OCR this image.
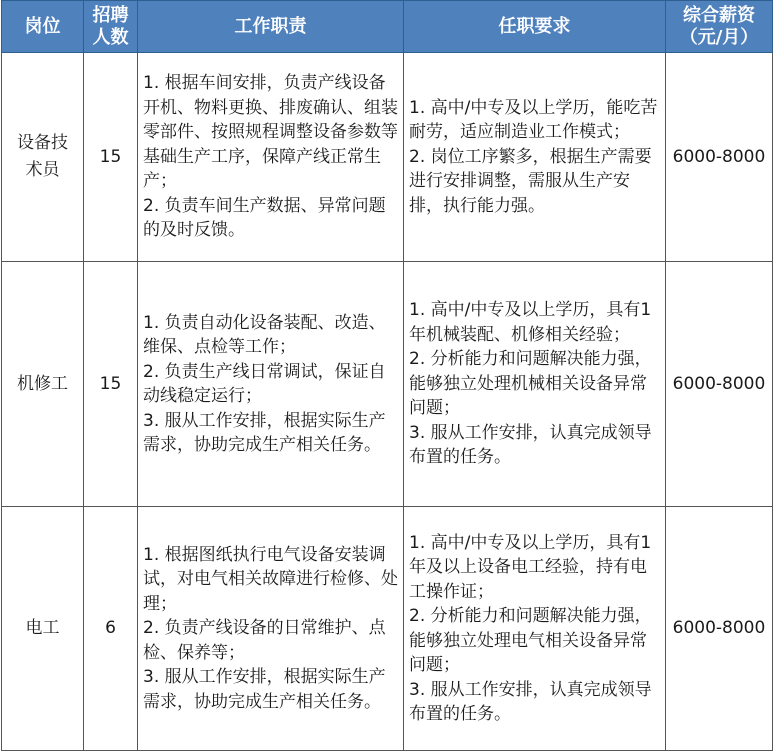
岗位	招聘
人数	工作职责	任职要求	综合薪资
（元/月）

设备技
术员	15	1. 根据车间安排，负责产线设备开机、物料更换、排废确认、组装零部件、按照规程调整设备参数等基础生产工序，保障产线正常生产；
2. 负责车间生产数据、异常问题的及时反馈。	1. 高中/中专及以上学历，能吃苦耐劳，适应制造业工作模式；
2. 岗位工序繁多，根据生产需要进行安排调整，需服从生产安排，执行能力强。	6000-8000

机修工	15	1. 负责自动化设备装配、改造、维保、点检等工作；
2. 负责生产线日常调试，保证自动线稳定运行；
3. 服从工作安排，根据实际生产需求，协助完成生产相关任务。	1. 高中/中专及以上学历，具有1年机械装配、机修相关经验；
2. 分析能力和问题解决能力强，能够独立处理机械相关设备异常问题；
3. 服从工作安排，认真完成领导布置的任务。	6000-8000

电工	6	1. 根据图纸执行电气设备安装调试，对电气相关故障进行检修、处理；
2. 负责产线设备的日常维护、点检、保养等；
3. 服从工作安排，根据实际生产需求，协助完成生产相关任务。	1. 高中/中专及以上学历，具有1年及以上设备电工经验，持有电工操作证；
2. 分析能力和问题解决能力强，能够独立处理电气相关设备异常问题；
3. 服从工作安排，认真完成领导布置的任务。	6000-8000
